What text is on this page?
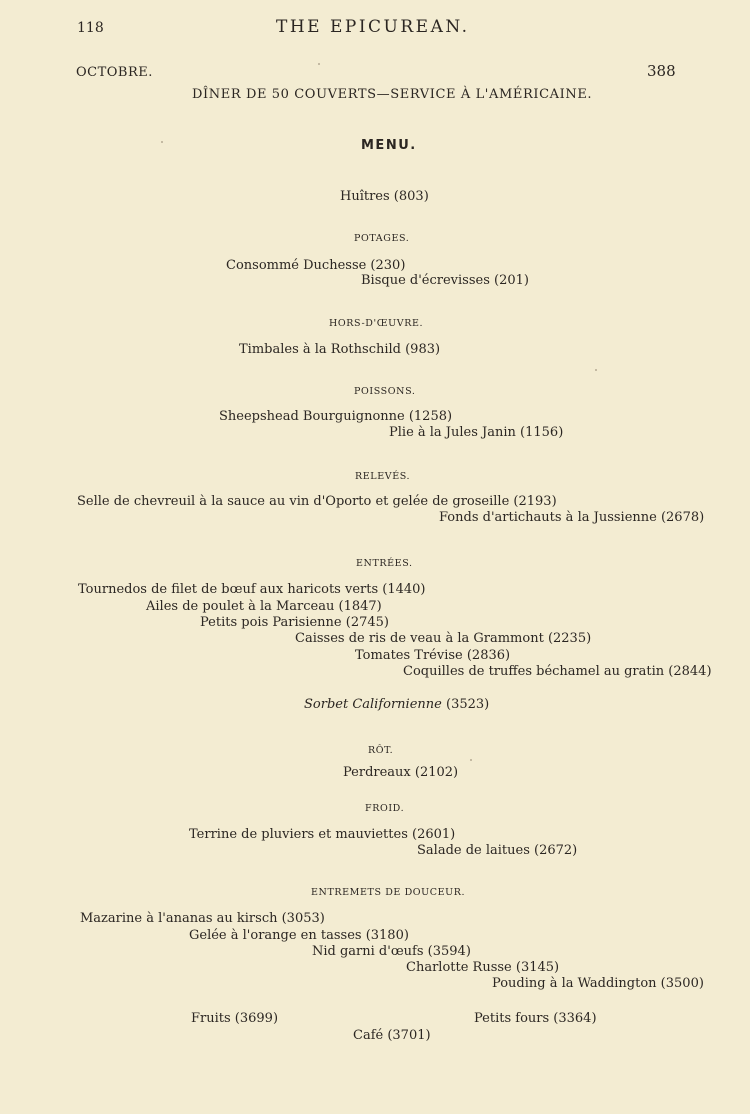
118	THE EPICUREAN.
OCTOBRE.	388
DÎNER DE 50 COUVERTS—SERVICE À L'AMÉRICAINE.
MENU.
Huîtres (803)
POTAGES.
Consommé Duchesse (230)
Bisque d'écrevisses (201)
HORS-D'ŒUVRE.
Timbales à la Rothschild (983)
POISSONS.
Sheepshead Bourguignonne (1258)
Plie à la Jules Janin (1156)
RELEVÉS.
Selle de chevreuil à la sauce au vin d'Oporto et gelée de groseille (2193)
Fonds d'artichauts à la Jussienne (2678)
ENTRÉES.
Tournedos de filet de bœuf aux haricots verts (1440)
Ailes de poulet à la Marceau (1847)
Petits pois Parisienne (2745)
Caisses de ris de veau à la Grammont (2235)
Tomates Trévise (2836)
Coquilles de truffes béchamel au gratin (2844)
Sorbet Californienne (3523)
RÔT.
Perdreaux (2102)
FROID.
Terrine de pluviers et mauviettes (2601)
Salade de laitues (2672)
ENTREMETS DE DOUCEUR.
Mazarine à l'ananas au kirsch (3053)
Gelée à l'orange en tasses (3180)
Nid garni d'œufs (3594)
Charlotte Russe (3145)
Pouding à la Waddington (3500)
Fruits (3699)	Petits fours (3364)
Café (3701)
